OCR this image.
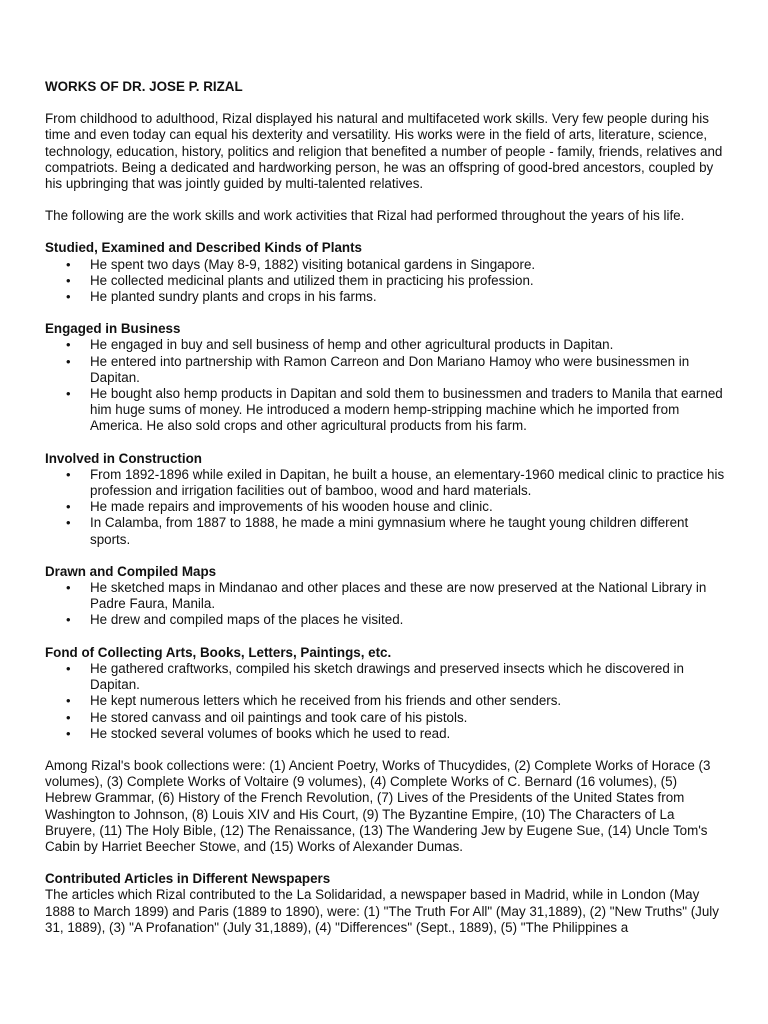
WORKS OF DR. JOSE P. RIZAL

From childhood to adulthood, Rizal displayed his natural and multifaceted work skills. Very few people during his time and even today can equal his dexterity and versatility. His works were in the field of arts, literature, science, technology, education, history, politics and religion that benefited a number of people - family, friends, relatives and compatriots. Being a dedicated and hardworking person, he was an offspring of good-bred ancestors, coupled by his upbringing that was jointly guided by multi-talented relatives.

The following are the work skills and work activities that Rizal had performed throughout the years of his life.

Studied, Examined and Described Kinds of Plants

• He spent two days (May 8-9, 1882) visiting botanical gardens in Singapore.
• He collected medicinal plants and utilized them in practicing his profession.
• He planted sundry plants and crops in his farms.

Engaged in Business

• He engaged in buy and sell business of hemp and other agricultural products in Dapitan.
• He entered into partnership with Ramon Carreon and Don Mariano Hamoy who were businessmen in Dapitan.
• He bought also hemp products in Dapitan and sold them to businessmen and traders to Manila that earned him huge sums of money. He introduced a modern hemp-stripping machine which he imported from America. He also sold crops and other agricultural products from his farm.

Involved in Construction

• From 1892-1896 while exiled in Dapitan, he built a house, an elementary-1960 medical clinic to practice his profession and irrigation facilities out of bamboo, wood and hard materials.
• He made repairs and improvements of his wooden house and clinic.
• In Calamba, from 1887 to 1888, he made a mini gymnasium where he taught young children different sports.

Drawn and Compiled Maps

• He sketched maps in Mindanao and other places and these are now preserved at the National Library in Padre Faura, Manila.
• He drew and compiled maps of the places he visited.

Fond of Collecting Arts, Books, Letters, Paintings, etc.

• He gathered craftworks, compiled his sketch drawings and preserved insects which he discovered in Dapitan.
• He kept numerous letters which he received from his friends and other senders.
• He stored canvass and oil paintings and took care of his pistols.
• He stocked several volumes of books which he used to read.

Among Rizal's book collections were: (1) Ancient Poetry, Works of Thucydides, (2) Complete Works of Horace (3 volumes), (3) Complete Works of Voltaire (9 volumes), (4) Complete Works of C. Bernard (16 volumes), (5) Hebrew Grammar, (6) History of the French Revolution, (7) Lives of the Presidents of the United States from Washington to Johnson, (8) Louis XIV and His Court, (9) The Byzantine Empire, (10) The Characters of La Bruyere, (11) The Holy Bible, (12) The Renaissance, (13) The Wandering Jew by Eugene Sue, (14) Uncle Tom's Cabin by Harriet Beecher Stowe, and (15) Works of Alexander Dumas.

Contributed Articles in Different Newspapers

The articles which Rizal contributed to the La Solidaridad, a newspaper based in Madrid, while in London (May 1888 to March 1899) and Paris (1889 to 1890), were: (1) "The Truth For All" (May 31,1889), (2) "New Truths" (July 31, 1889), (3) "A Profanation" (July 31,1889), (4) "Differences" (Sept., 1889), (5) "The Philippines a
